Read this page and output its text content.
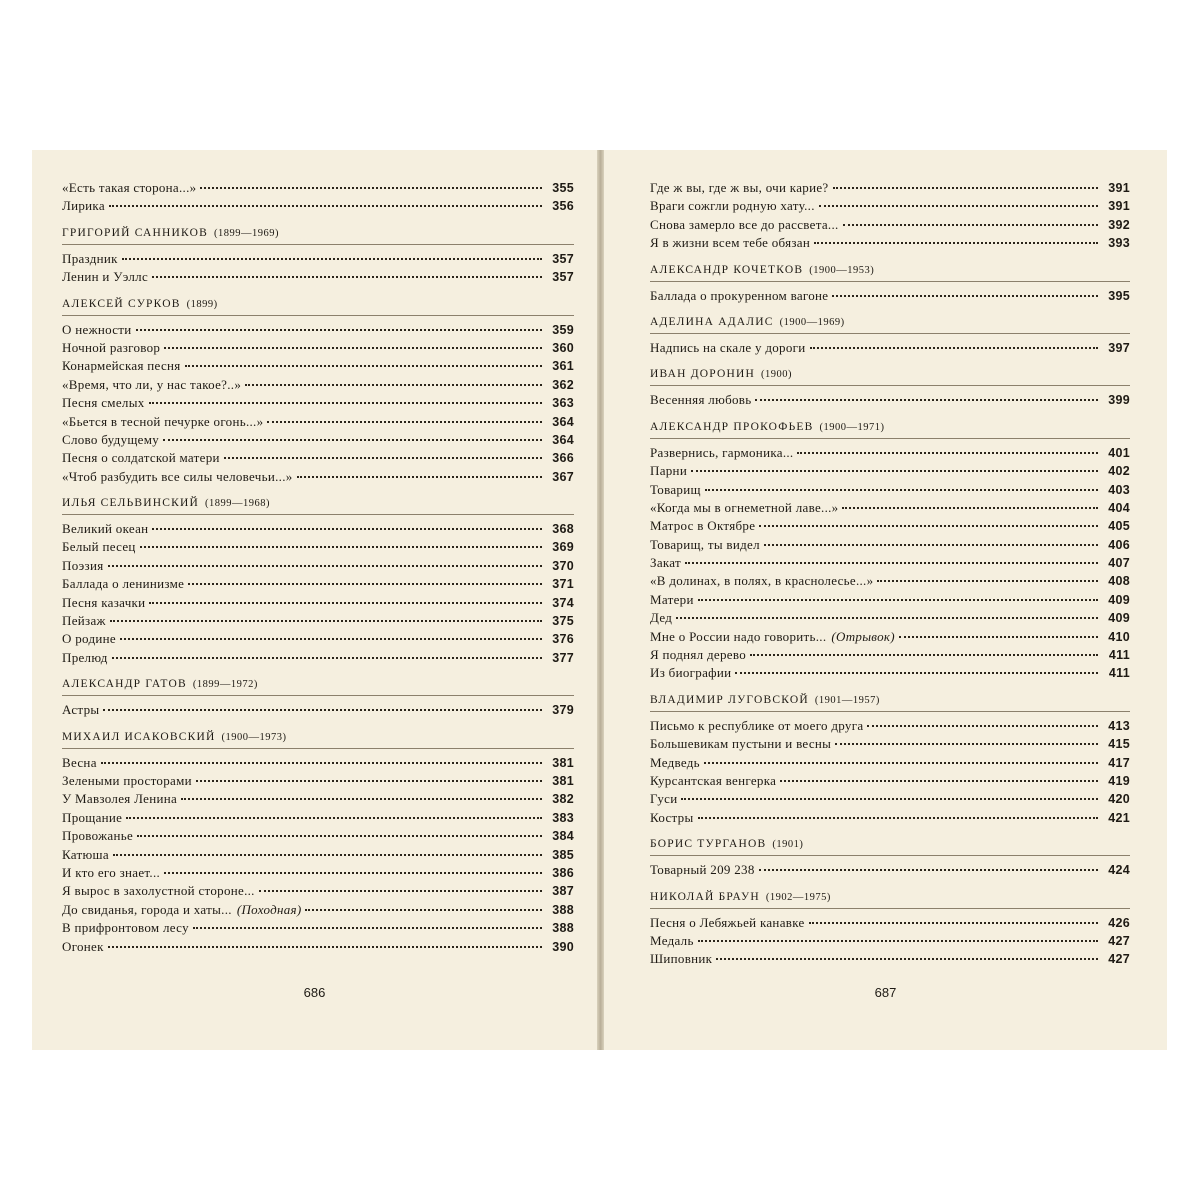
«Есть такая сторона...»	355
Лирика	356
ГРИГОРИЙ САННИКОВ (1899—1969)
Праздник	357
Ленин и Уэллс	357
АЛЕКСЕЙ СУРКОВ (1899)
О нежности	359
Ночной разговор	360
Конармейская песня	361
«Время, что ли, у нас такое?..»	362
Песня смелых	363
«Бьется в тесной печурке огонь...»	364
Слово будущему	364
Песня о солдатской матери	366
«Чтоб разбудить все силы человечьи...»	367
ИЛЬЯ СЕЛЬВИНСКИЙ (1899—1968)
Великий океан	368
Белый песец	369
Поэзия	370
Баллада о ленинизме	371
Песня казачки	374
Пейзаж	375
О родине	376
Прелюд	377
АЛЕКСАНДР ГАТОВ (1899—1972)
Астры	379
МИХАИЛ ИСАКОВСКИЙ (1900—1973)
Весна	381
Зелеными просторами	381
У Мавзолея Ленина	382
Прощание	383
Провожанье	384
Катюша	385
И кто его знает...	386
Я вырос в захолустной стороне...	387
До свиданья, города и хаты... (Походная)	388
В прифронтовом лесу	388
Огонек	390
686
Где ж вы, где ж вы, очи карие?	391
Враги сожгли родную хату...	391
Снова замерло все до рассвета...	392
Я в жизни всем тебе обязан	393
АЛЕКСАНДР КОЧЕТКОВ (1900—1953)
Баллада о прокуренном вагоне	395
АДЕЛИНА АДАЛИС (1900—1969)
Надпись на скале у дороги	397
ИВАН ДОРОНИН (1900)
Весенняя любовь	399
АЛЕКСАНДР ПРОКОФЬЕВ (1900—1971)
Развернись, гармоника...	401
Парни	402
Товарищ	403
«Когда мы в огнеметной лаве...»	404
Матрос в Октябре	405
Товарищ, ты видел	406
Закат	407
«В долинах, в полях, в краснолесье...»	408
Матери	409
Дед	409
Мне о России надо говорить... (Отрывок)	410
Я поднял дерево	411
Из биографии	411
ВЛАДИМИР ЛУГОВСКОЙ (1901—1957)
Письмо к республике от моего друга	413
Большевикам пустыни и весны	415
Медведь	417
Курсантская венгерка	419
Гуси	420
Костры	421
БОРИС ТУРГАНОВ (1901)
Товарный 209 238	424
НИКОЛАЙ БРАУН (1902—1975)
Песня о Лебяжьей канавке	426
Медаль	427
Шиповник	427
687
